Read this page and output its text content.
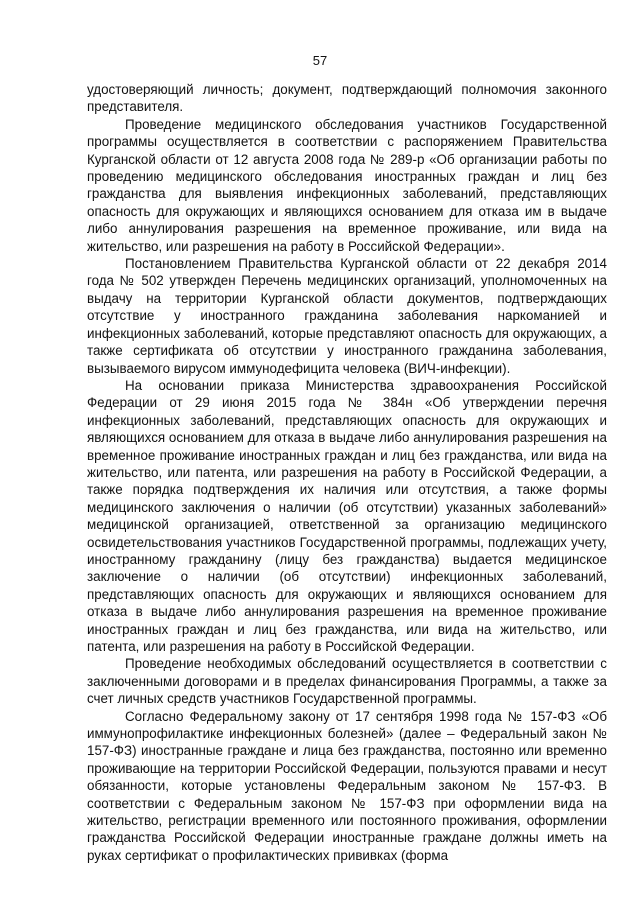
57

удостоверяющий личность; документ, подтверждающий полномочия законного представителя.

Проведение медицинского обследования участников Государственной программы осуществляется в соответствии с распоряжением Правительства Курганской области от 12 августа 2008 года № 289-р «Об организации работы по проведению медицинского обследования иностранных граждан и лиц без гражданства для выявления инфекционных заболеваний, представляющих опасность для окружающих и являющихся основанием для отказа им в выдаче либо аннулирования разрешения на временное проживание, или вида на жительство, или разрешения на работу в Российской Федерации».

Постановлением Правительства Курганской области от 22 декабря 2014 года № 502 утвержден Перечень медицинских организаций, уполномоченных на выдачу на территории Курганской области документов, подтверждающих отсутствие у иностранного гражданина заболевания наркоманией и инфекционных заболеваний, которые представляют опасность для окружающих, а также сертификата об отсутствии у иностранного гражданина заболевания, вызываемого вирусом иммунодефицита человека (ВИЧ-инфекции).

На основании приказа Министерства здравоохранения Российской Федерации от 29 июня 2015 года № 384н «Об утверждении перечня инфекционных заболеваний, представляющих опасность для окружающих и являющихся основанием для отказа в выдаче либо аннулирования разрешения на временное проживание иностранных граждан и лиц без гражданства, или вида на жительство, или патента, или разрешения на работу в Российской Федерации, а также порядка подтверждения их наличия или отсутствия, а также формы медицинского заключения о наличии (об отсутствии) указанных заболеваний» медицинской организацией, ответственной за организацию медицинского освидетельствования участников Государственной программы, подлежащих учету, иностранному гражданину (лицу без гражданства) выдается медицинское заключение о наличии (об отсутствии) инфекционных заболеваний, представляющих опасность для окружающих и являющихся основанием для отказа в выдаче либо аннулирования разрешения на временное проживание иностранных граждан и лиц без гражданства, или вида на жительство, или патента, или разрешения на работу в Российской Федерации.

Проведение необходимых обследований осуществляется в соответствии с заключенными договорами и в пределах финансирования Программы, а также за счет личных средств участников Государственной программы.

Согласно Федеральному закону от 17 сентября 1998 года № 157-ФЗ «Об иммунопрофилактике инфекционных болезней» (далее – Федеральный закон № 157-ФЗ) иностранные граждане и лица без гражданства, постоянно или временно проживающие на территории Российской Федерации, пользуются правами и несут обязанности, которые установлены Федеральным законом № 157-ФЗ. В соответствии с Федеральным законом № 157-ФЗ при оформлении вида на жительство, регистрации временного или постоянного проживания, оформлении гражданства Российской Федерации иностранные граждане должны иметь на руках сертификат о профилактических прививках (форма
